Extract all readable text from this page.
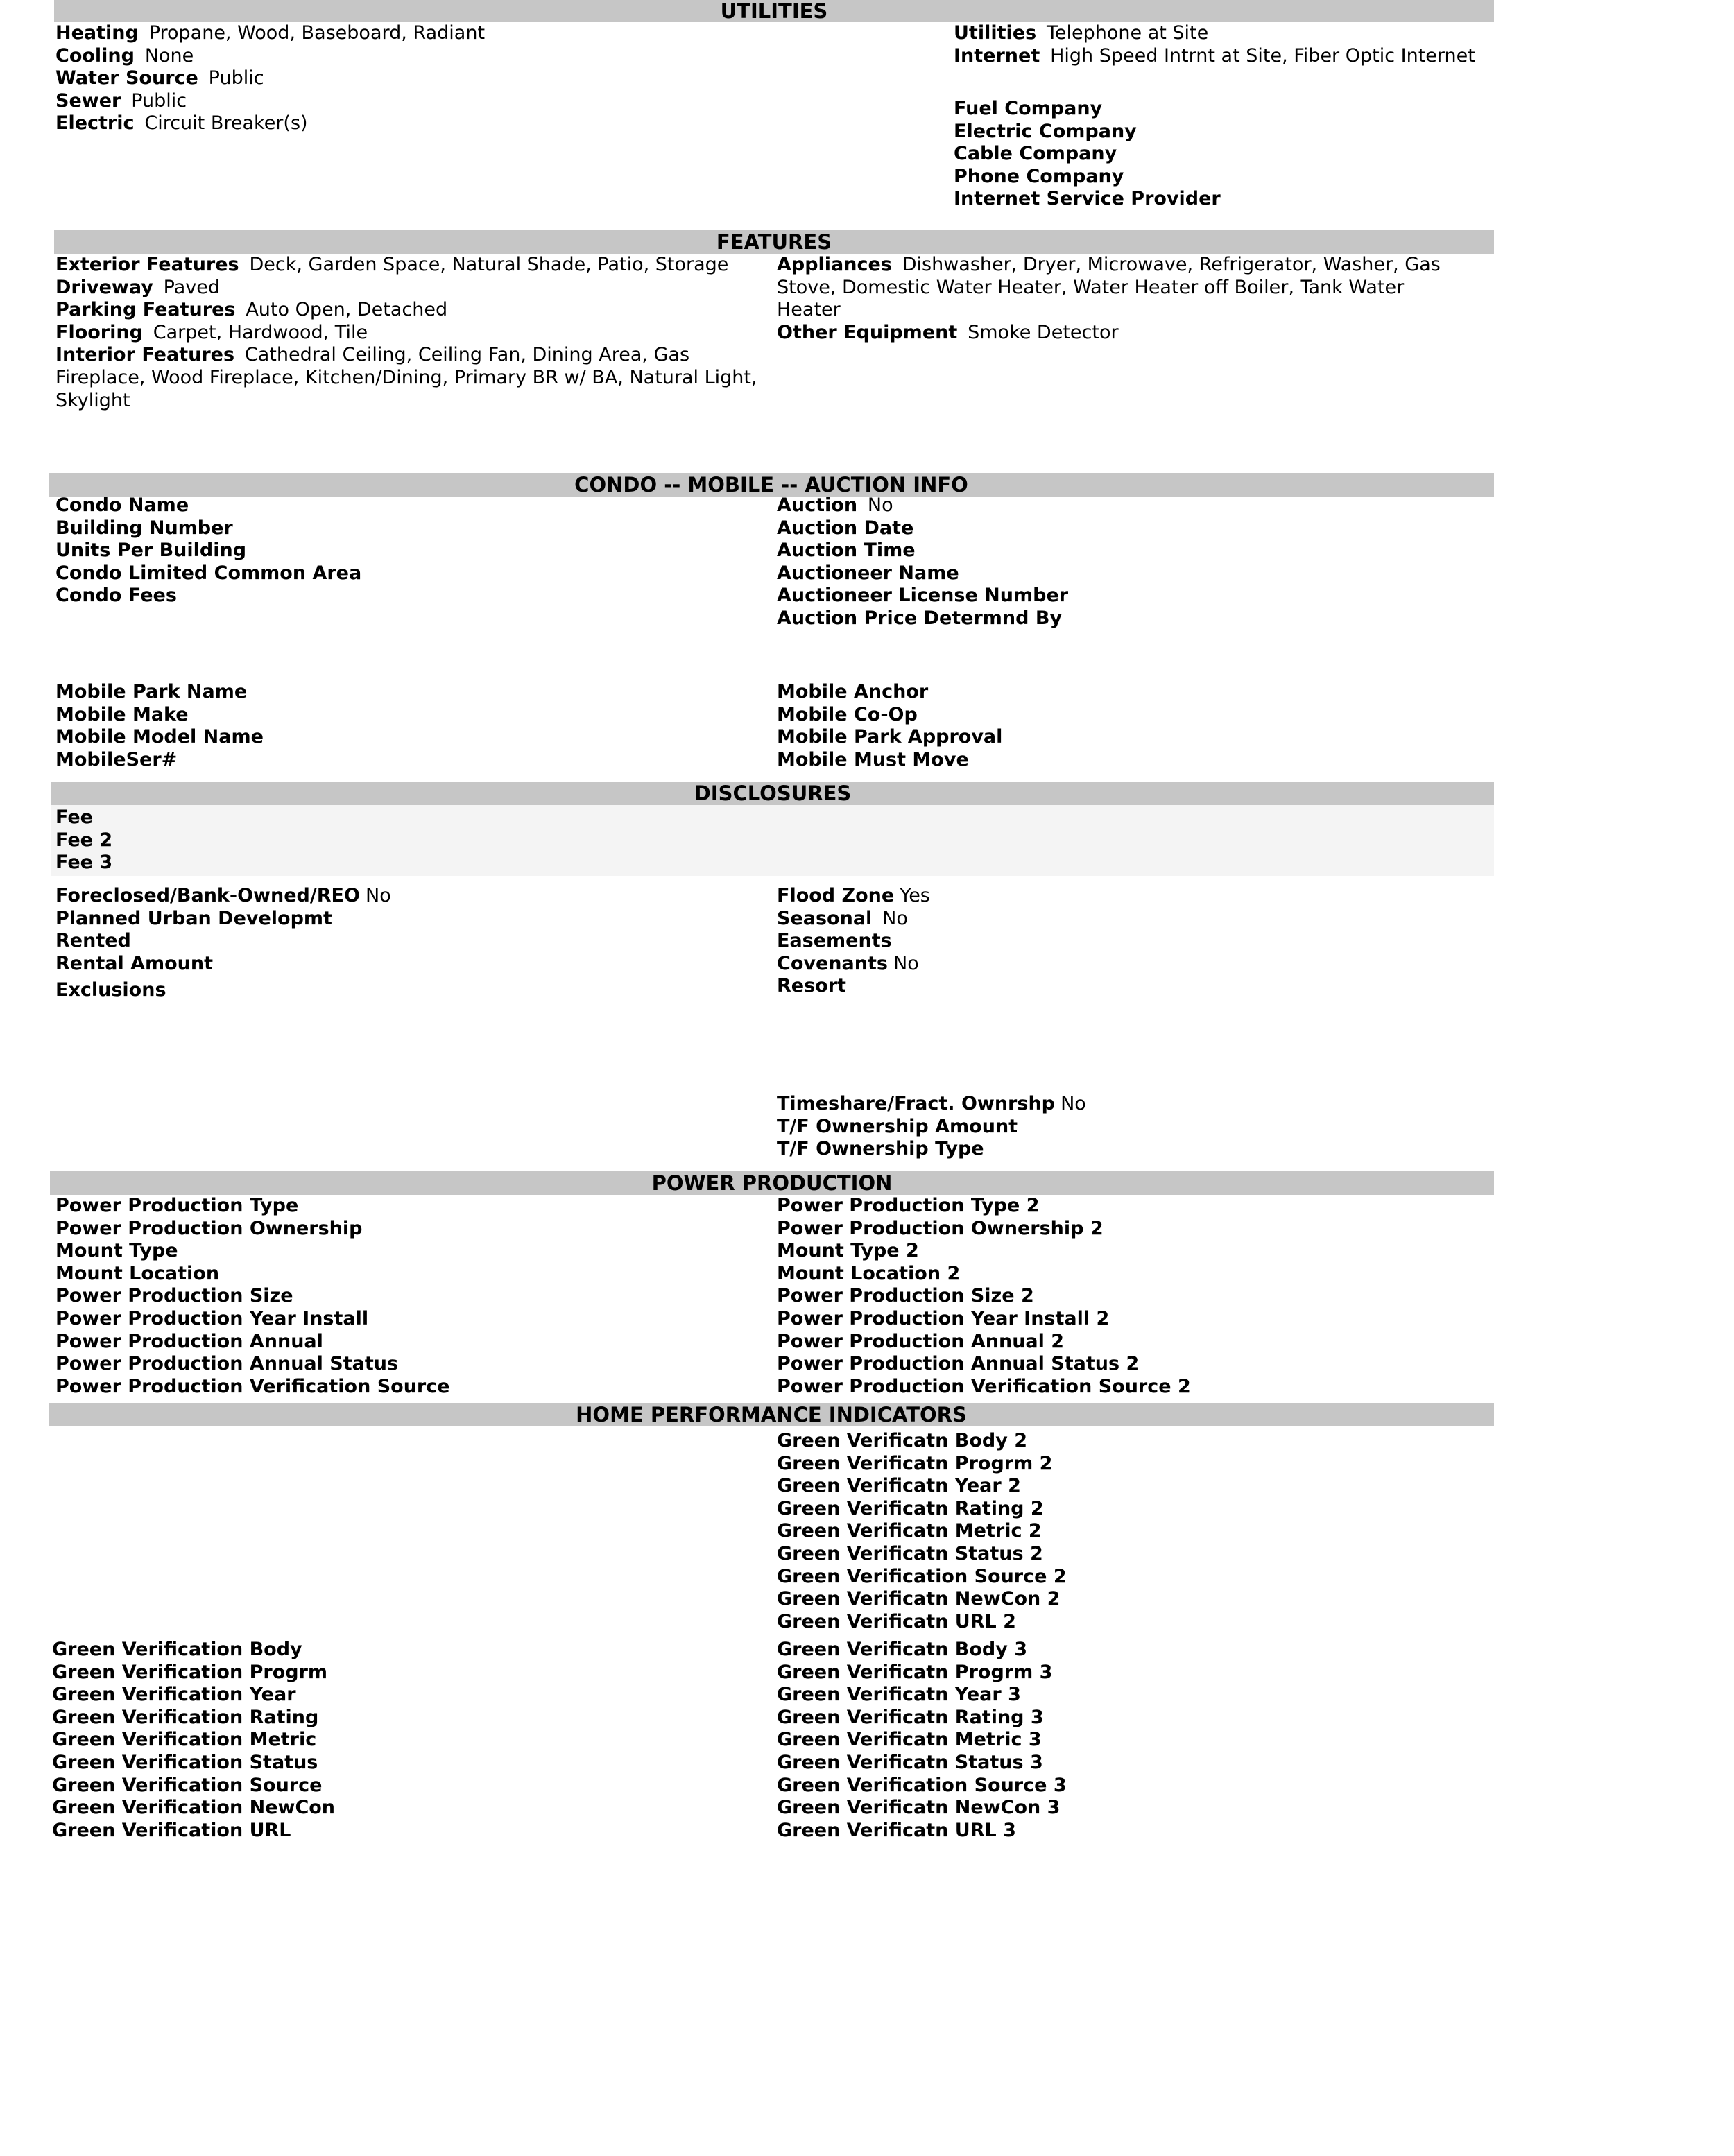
UTILITIES
Heating Propane, Wood, Baseboard, Radiant
Cooling None
Water Source Public
Sewer Public
Electric Circuit Breaker(s)
Utilities Telephone at Site
Internet High Speed Intrnt at Site, Fiber Optic Internet
Fuel Company
Electric Company
Cable Company
Phone Company
Internet Service Provider
FEATURES
Exterior Features Deck, Garden Space, Natural Shade, Patio, Storage
Driveway Paved
Parking Features Auto Open, Detached
Flooring Carpet, Hardwood, Tile
Interior Features Cathedral Ceiling, Ceiling Fan, Dining Area, Gas Fireplace, Wood Fireplace, Kitchen/Dining, Primary BR w/ BA, Natural Light, Skylight
Appliances Dishwasher, Dryer, Microwave, Refrigerator, Washer, Gas Stove, Domestic Water Heater, Water Heater off Boiler, Tank Water Heater
Other Equipment Smoke Detector
CONDO -- MOBILE -- AUCTION INFO
Condo Name
Building Number
Units Per Building
Condo Limited Common Area
Condo Fees
Auction No
Auction Date
Auction Time
Auctioneer Name
Auctioneer License Number
Auction Price Determnd By
Mobile Park Name
Mobile Make
Mobile Model Name
MobileSer#
Mobile Anchor
Mobile Co-Op
Mobile Park Approval
Mobile Must Move
DISCLOSURES
Fee
Fee 2
Fee 3
Foreclosed/Bank-Owned/REO No
Planned Urban Developmt
Rented
Rental Amount
Exclusions
Flood Zone Yes
Seasonal No
Easements
Covenants No
Resort
Timeshare/Fract. Ownrshp No
T/F Ownership Amount
T/F Ownership Type
POWER PRODUCTION
Power Production Type
Power Production Ownership
Mount Type
Mount Location
Power Production Size
Power Production Year Install
Power Production Annual
Power Production Annual Status
Power Production Verification Source
Power Production Type 2
Power Production Ownership 2
Mount Type 2
Mount Location 2
Power Production Size 2
Power Production Year Install 2
Power Production Annual 2
Power Production Annual Status 2
Power Production Verification Source 2
HOME PERFORMANCE INDICATORS
Green Verificatn Body 2
Green Verificatn Progrm 2
Green Verificatn Year 2
Green Verificatn Rating 2
Green Verificatn Metric 2
Green Verificatn Status 2
Green Verification Source 2
Green Verificatn NewCon 2
Green Verificatn URL 2
Green Verification Body
Green Verification Progrm
Green Verification Year
Green Verification Rating
Green Verification Metric
Green Verification Status
Green Verification Source
Green Verification NewCon
Green Verification URL
Green Verificatn Body 3
Green Verificatn Progrm 3
Green Verificatn Year 3
Green Verificatn Rating 3
Green Verificatn Metric 3
Green Verificatn Status 3
Green Verification Source 3
Green Verificatn NewCon 3
Green Verificatn URL 3
